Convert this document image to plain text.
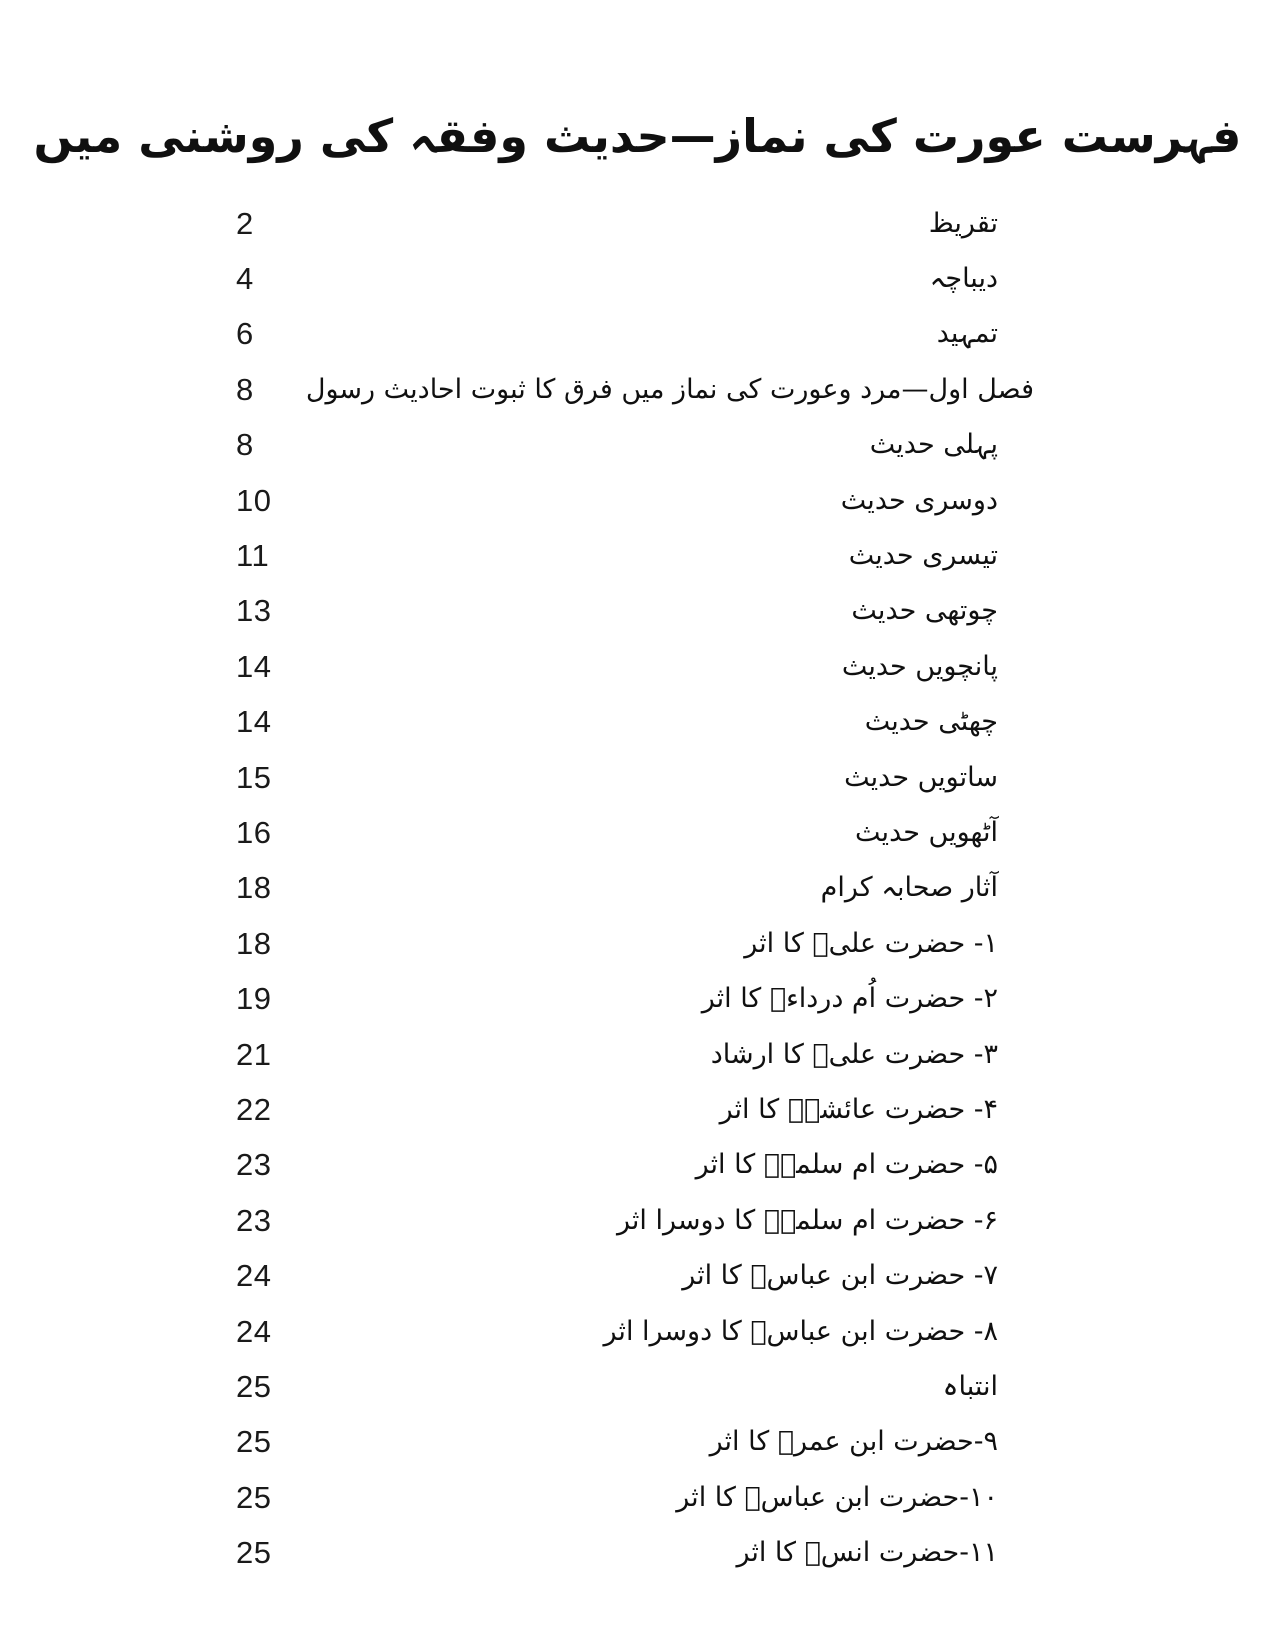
فہرست عورت کی نماز—حدیث وفقہ کی روشنی میں
2	تقریظ
4	دیباچہ
6	تمہید
8 فصل اول—مرد وعورت کی نماز میں فرق کا ثبوت احادیث رسول
8	پہلی حدیث
10	دوسری حدیث
11	تیسری حدیث
13	چوتھی حدیث
14	پانچویں حدیث
14	چھٹی حدیث
15	ساتویں حدیث
16	آٹھویں حدیث
18	آثار صحابہ کرام
18	۱- حضرت علیؓ کا اثر
19	۲- حضرت اُم درداءؓ کا اثر
21	۳- حضرت علیؓ کا ارشاد
22	۴- حضرت عائشہؓ کا اثر
23	۵- حضرت ام سلمہؓ کا اثر
23	۶- حضرت ام سلمہؓ کا دوسرا اثر
24	۷- حضرت ابن عباسؓ کا اثر
24	۸- حضرت ابن عباسؓ کا دوسرا اثر
25	انتباہ
25	۹-حضرت ابن عمرؓ کا اثر
25	۱۰-حضرت ابن عباسؓ کا اثر
25	۱۱-حضرت انسؓ کا اثر
